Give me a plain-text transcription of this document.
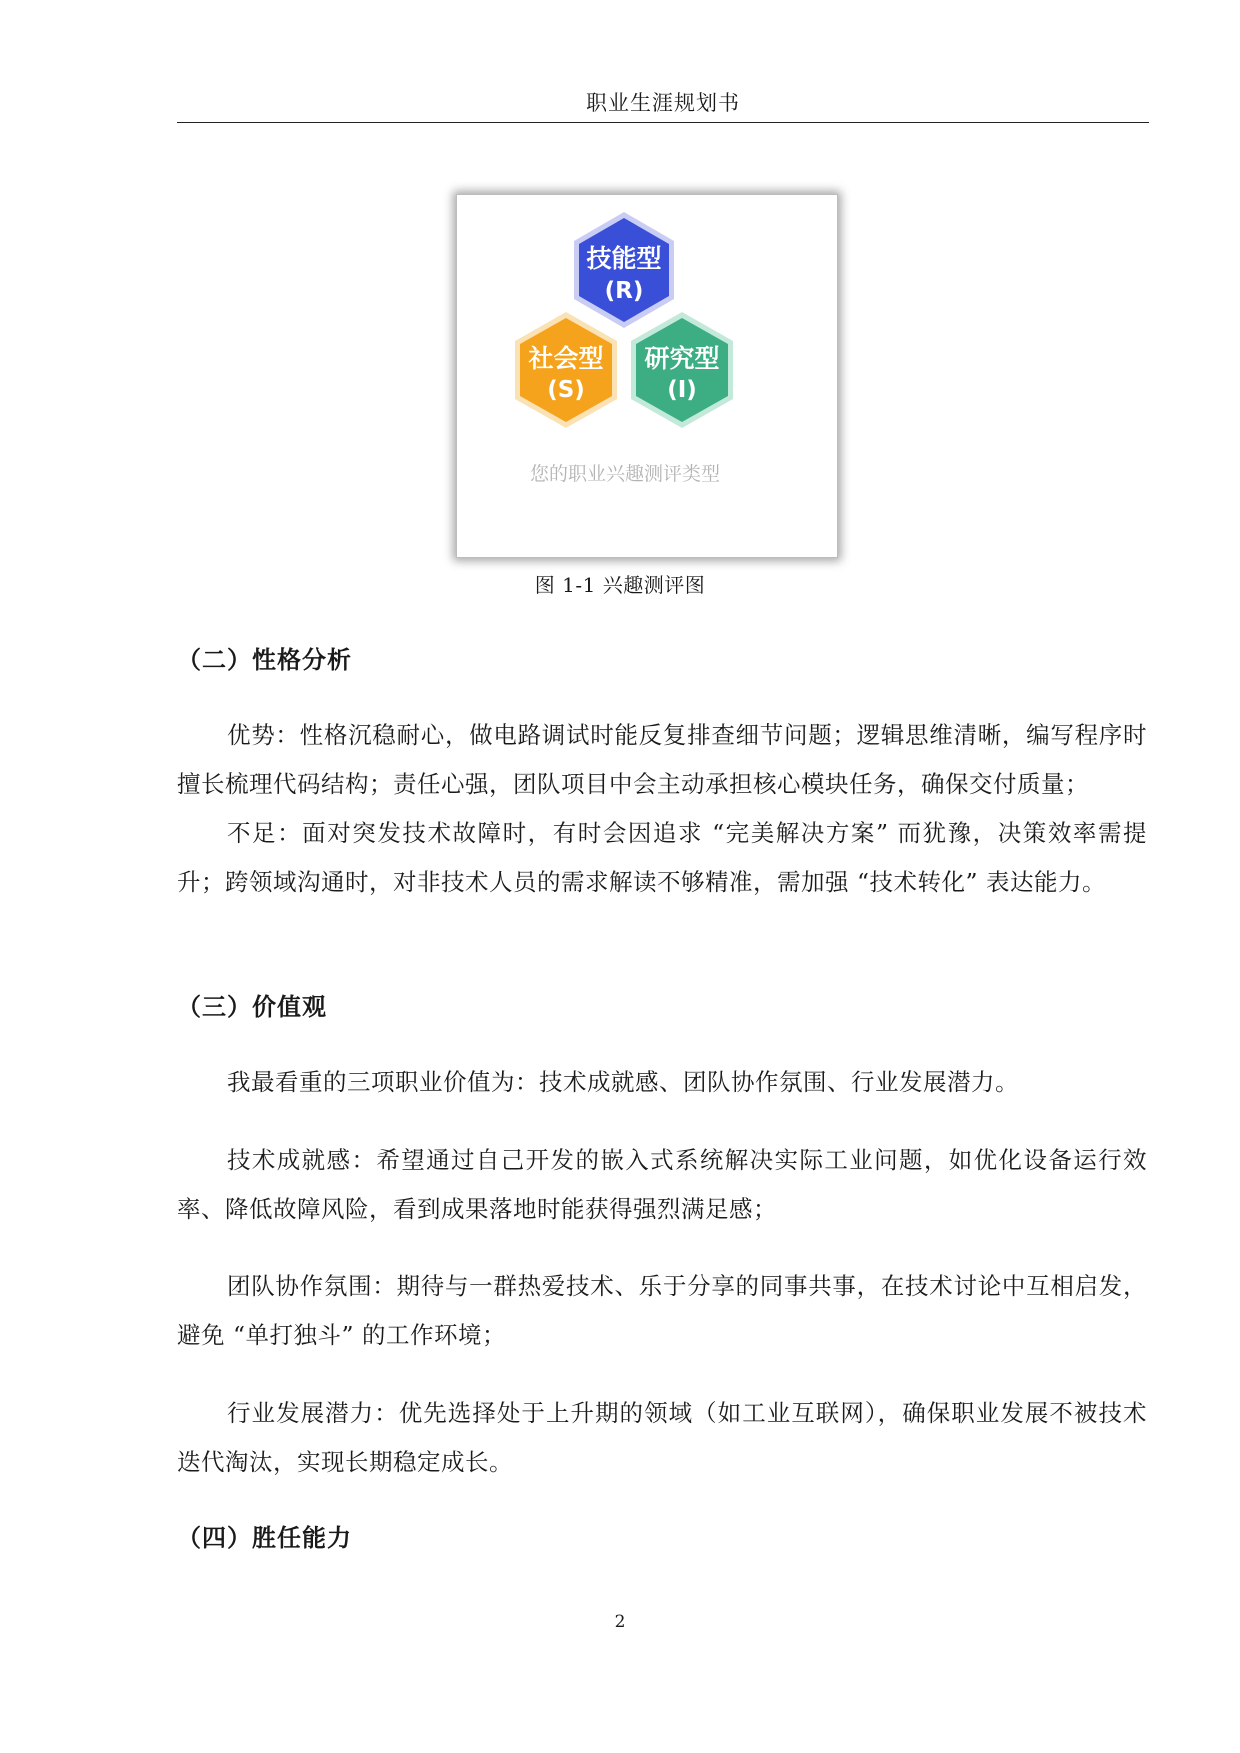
职业生涯规划书
技能型
(R)
社会型
(S)
研究型
(I)
您的职业兴趣测评类型
图 1-1 兴趣测评图
（二）性格分析

优势：性格沉稳耐心，做电路调试时能反复排查细节问题；逻辑思维清晰，编写程序时擅长梳理代码结构；责任心强，团队项目中会主动承担核心模块任务，确保交付质量；

不足：面对突发技术故障时，有时会因追求 “完美解决方案” 而犹豫，决策效率需提升；跨领域沟通时，对非技术人员的需求解读不够精准，需加强 “技术转化” 表达能力。

（三）价值观

我最看重的三项职业价值为：技术成就感、团队协作氛围、行业发展潜力。

技术成就感：希望通过自己开发的嵌入式系统解决实际工业问题，如优化设备运行效率、降低故障风险，看到成果落地时能获得强烈满足感；

团队协作氛围：期待与一群热爱技术、乐于分享的同事共事，在技术讨论中互相启发，避免 “单打独斗” 的工作环境；

行业发展潜力：优先选择处于上升期的领域（如工业互联网），确保职业发展不被技术迭代淘汰，实现长期稳定成长。

（四）胜任能力
2
